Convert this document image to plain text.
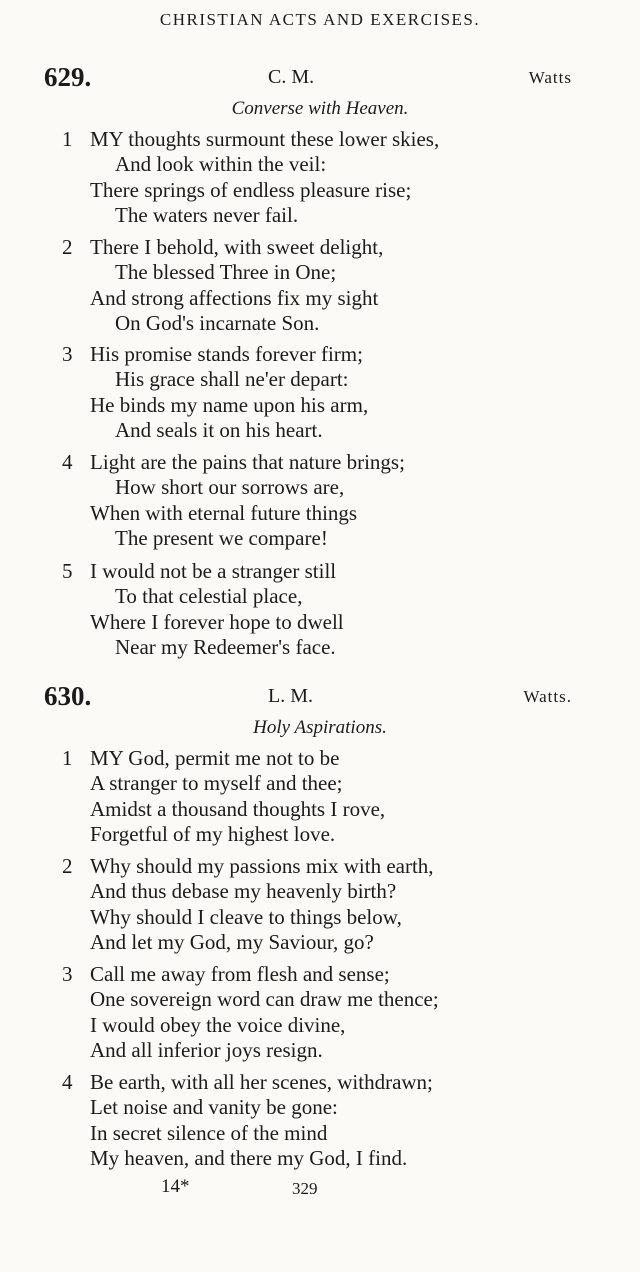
CHRISTIAN ACTS AND EXERCISES.
629.	C. M.	Watts
Converse with Heaven.
1 MY thoughts surmount these lower skies,
And look within the veil:
There springs of endless pleasure rise;
The waters never fail.
2 There I behold, with sweet delight,
The blessed Three in One;
And strong affections fix my sight
On God's incarnate Son.
3 His promise stands forever firm;
His grace shall ne'er depart:
He binds my name upon his arm,
And seals it on his heart.
4 Light are the pains that nature brings;
How short our sorrows are,
When with eternal future things
The present we compare!
5 I would not be a stranger still
To that celestial place,
Where I forever hope to dwell
Near my Redeemer's face.
630.	L. M.	Watts.
Holy Aspirations.
1 MY God, permit me not to be
A stranger to myself and thee;
Amidst a thousand thoughts I rove,
Forgetful of my highest love.
2 Why should my passions mix with earth,
And thus debase my heavenly birth?
Why should I cleave to things below,
And let my God, my Saviour, go?
3 Call me away from flesh and sense;
One sovereign word can draw me thence;
I would obey the voice divine,
And all inferior joys resign.
4 Be earth, with all her scenes, withdrawn;
Let noise and vanity be gone:
In secret silence of the mind
My heaven, and there my God, I find.
14*	329
